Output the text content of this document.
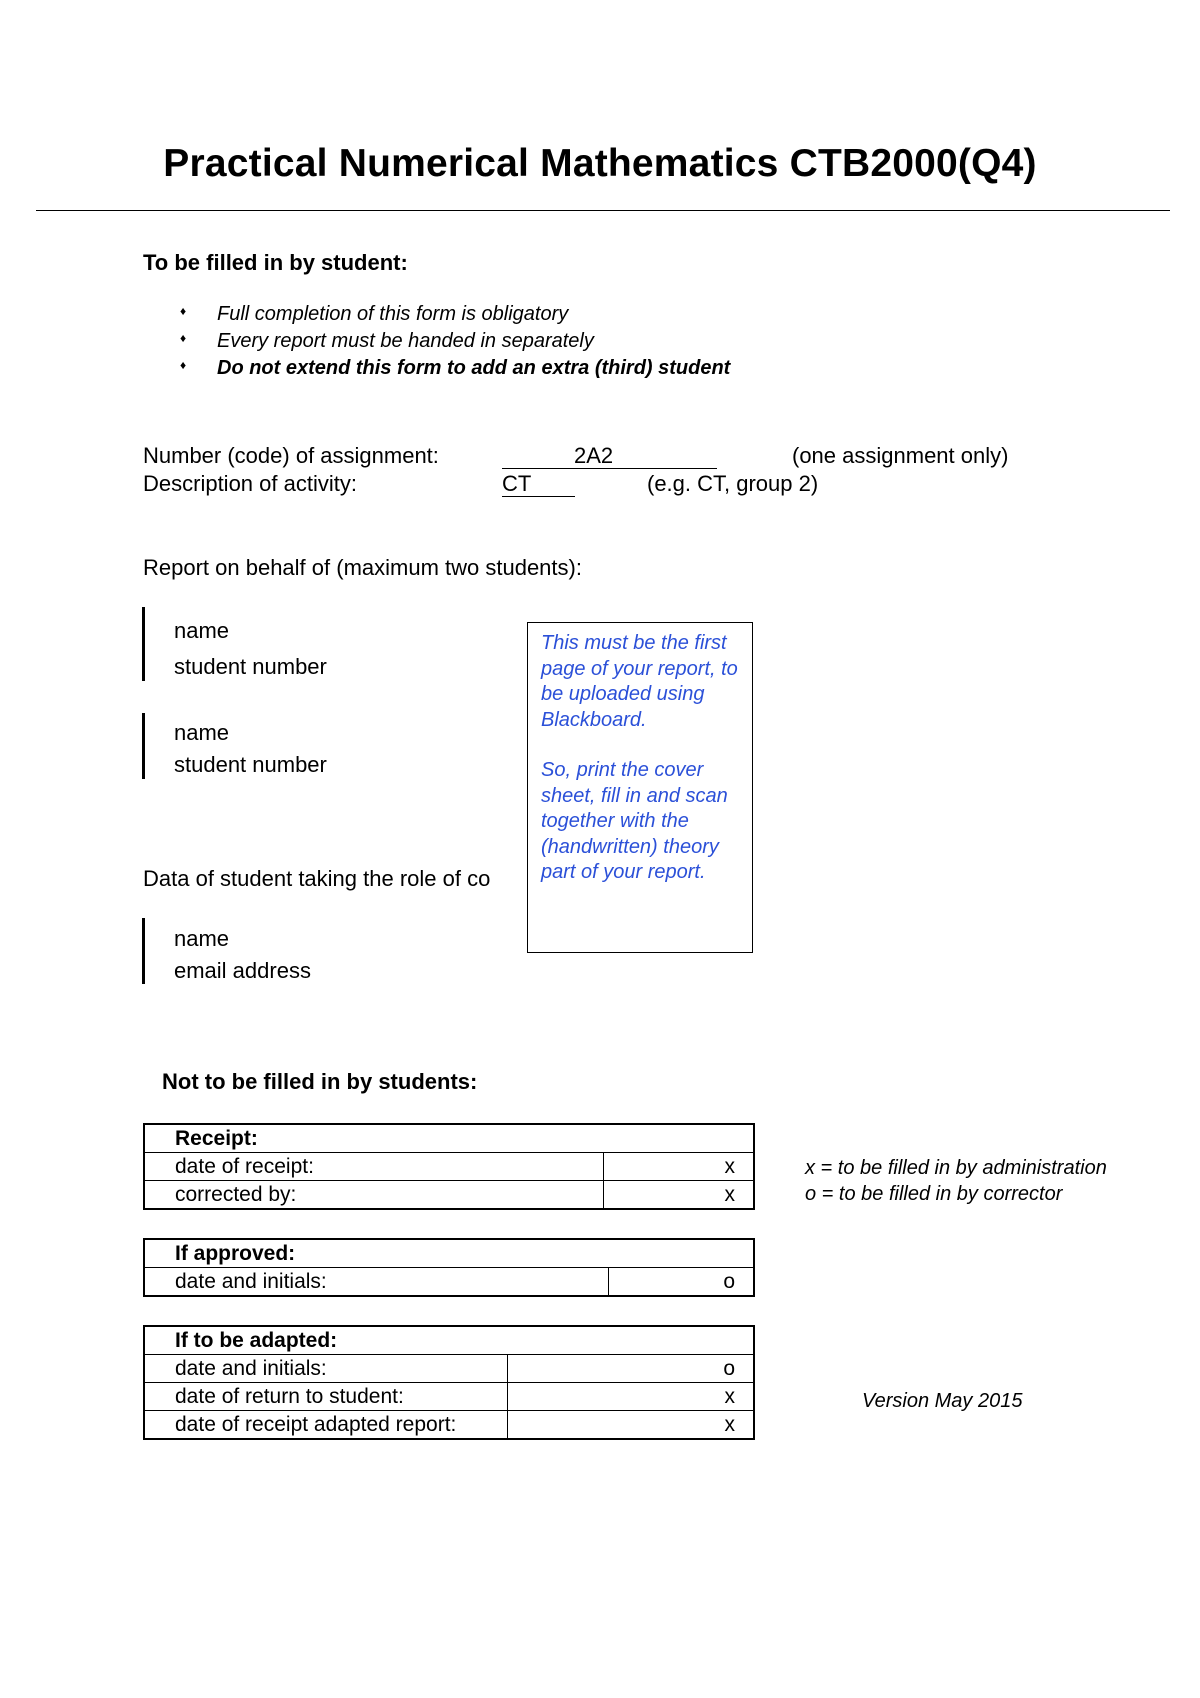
Practical Numerical Mathematics CTB2000(Q4)
To be filled in by student:
♦ Full completion of this form is obligatory
♦ Every report must be handed in separately
♦ Do not extend this form to add an extra (third) student
Number (code) of assignment:	2A2	(one assignment only)
Description of activity:	CT	(e.g. CT, group 2)
Report on behalf of (maximum two students):
name
student number
name
student number
Data of student taking the role of co
name
email address

This must be the first page of your report, to be uploaded using Blackboard.

So, print the cover sheet, fill in and scan together with the (handwritten) theory part of your report.

Not to be filled in by students:
Receipt:	
date of receipt:	x
corrected by:	x
If approved:
date and initials:	o
If to be adapted:	
date and initials:	o
date of return to student:	x
date of receipt adapted report:	x
x = to be filled in by administration
o = to be filled in by corrector
Version May 2015
